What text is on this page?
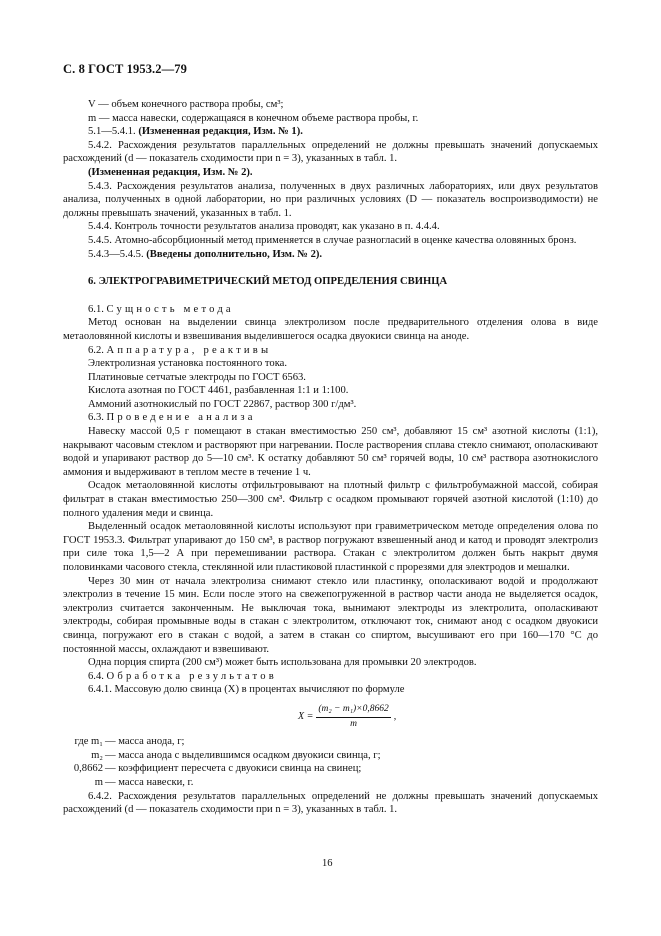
С. 8 ГОСТ 1953.2—79

V — объем конечного раствора пробы, см³;

m — масса навески, содержащаяся в конечном объеме раствора пробы, г.

5.1—5.4.1. (Измененная редакция, Изм. № 1).

5.4.2. Расхождения результатов параллельных определений не должны превышать значений допускаемых расхождений (d — показатель сходимости при n = 3), указанных в табл. 1.

(Измененная редакция, Изм. № 2).

5.4.3. Расхождения результатов анализа, полученных в двух различных лабораториях, или двух результатов анализа, полученных в одной лаборатории, но при различных условиях (D — показатель воспроизводимости) не должны превышать значений, указанных в табл. 1.

5.4.4. Контроль точности результатов анализа проводят, как указано в п. 4.4.4.

5.4.5. Атомно-абсорбционный метод применяется в случае разногласий в оценке качества оловянных бронз.

5.4.3—5.4.5. (Введены дополнительно, Изм. № 2).

6. ЭЛЕКТРОГРАВИМЕТРИЧЕСКИЙ МЕТОД ОПРЕДЕЛЕНИЯ СВИНЦА

6.1. Сущность метода

Метод основан на выделении свинца электролизом после предварительного отделения олова в виде метаоловянной кислоты и взвешивания выделившегося осадка двуокиси свинца на аноде.

6.2. Аппаратура, реактивы

Электролизная установка постоянного тока.

Платиновые сетчатые электроды по ГОСТ 6563.

Кислота азотная по ГОСТ 4461, разбавленная 1:1 и 1:100.

Аммоний азотнокислый по ГОСТ 22867, раствор 300 г/дм³.

6.3. Проведение анализа

Навеску массой 0,5 г помещают в стакан вместимостью 250 см³, добавляют 15 см³ азотной кислоты (1:1), накрывают часовым стеклом и растворяют при нагревании. После растворения сплава стекло снимают, ополаскивают водой и упаривают раствор до 5—10 см³. К остатку добавляют 50 см³ горячей воды, 10 см³ раствора азотнокислого аммония и выдерживают в теплом месте в течение 1 ч.

Осадок метаоловянной кислоты отфильтровывают на плотный фильтр с фильтробумажной массой, собирая фильтрат в стакан вместимостью 250—300 см³. Фильтр с осадком промывают горячей азотной кислотой (1:10) до полного удаления меди и свинца.

Выделенный осадок метаоловянной кислоты используют при гравиметрическом методе определения олова по ГОСТ 1953.3. Фильтрат упаривают до 150 см³, в раствор погружают взвешенный анод и катод и проводят электролиз при силе тока 1,5—2 А при перемешивании раствора. Стакан с электролитом должен быть накрыт двумя половинками часового стекла, стеклянной или пластиковой пластинкой с прорезями для электродов и мешалки.

Через 30 мин от начала электролиза снимают стекло или пластинку, ополаскивают водой и продолжают электролиз в течение 15 мин. Если после этого на свежепогруженной в раствор части анода не выделяется осадок, электролиз считается законченным. Не выключая тока, вынимают электроды из электролита, ополаскивают электроды, собирая промывные воды в стакан с электролитом, отключают ток, снимают анод с осадком двуокиси свинца, погружают его в стакан с водой, а затем в стакан со спиртом, высушивают его при 160—170 °С до постоянной массы, охлаждают и взвешивают.

Одна порция спирта (200 см³) может быть использована для промывки 20 электродов.

6.4. Обработка результатов

6.4.1. Массовую долю свинца (X) в процентах вычисляют по формуле

$X = \frac{\text{(m₂ − m₁)×0,8662}}{m}$ ,

где m₁ — масса анода, г;

m₂ — масса анода с выделившимся осадком двуокиси свинца, г;

0,8662 — коэффициент пересчета с двуокиси свинца на свинец;

m — масса навески, г.

6.4.2. Расхождения результатов параллельных определений не должны превышать значений допускаемых расхождений (d — показатель сходимости при n = 3), указанных в табл. 1.

16
